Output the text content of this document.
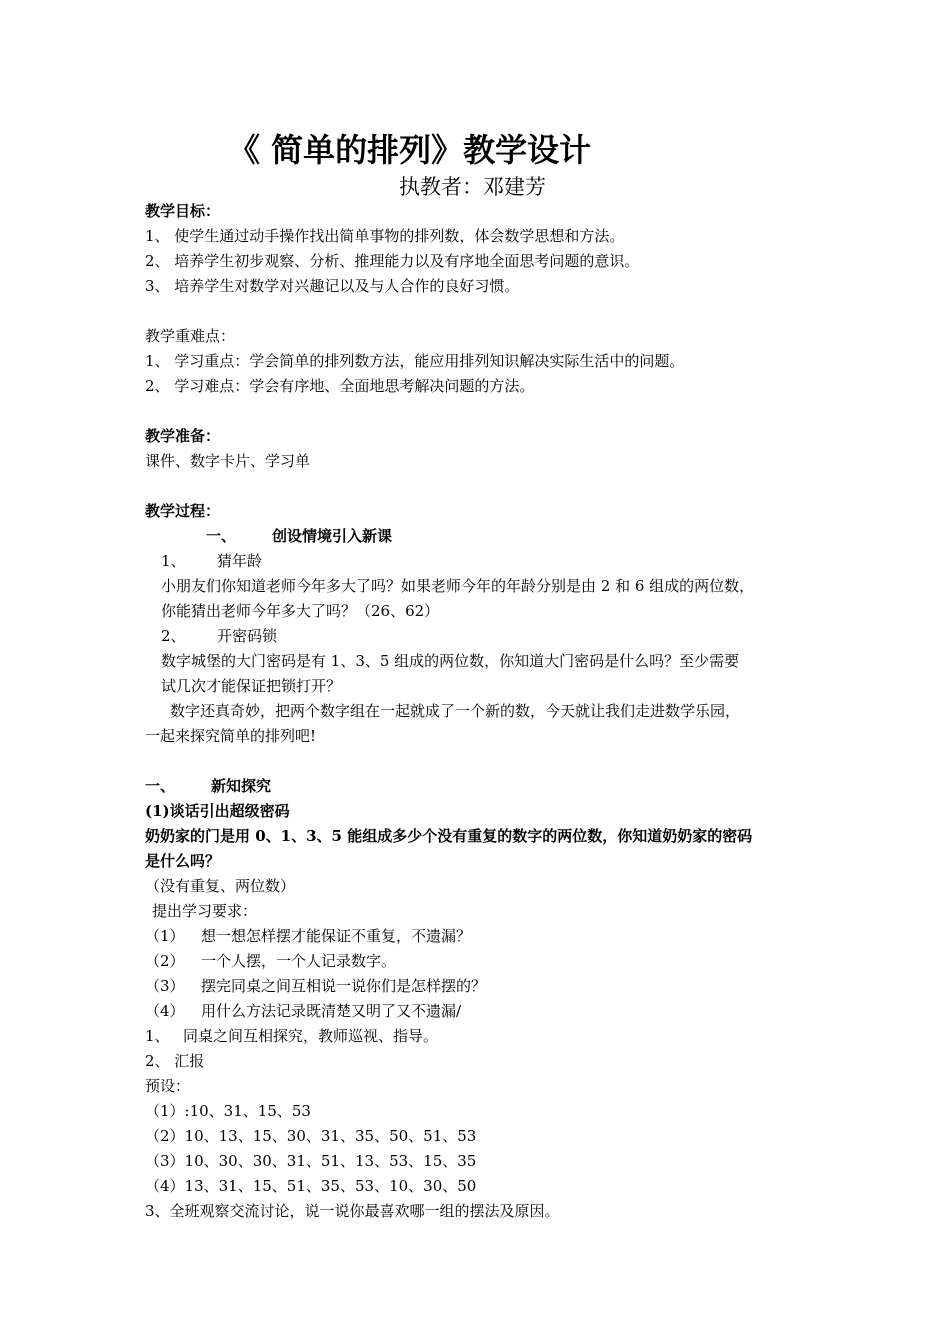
《 简单的排列》教学设计
执教者：邓建芳
教学目标：
1、 使学生通过动手操作找出简单事物的排列数，体会数学思想和方法。
2、 培养学生初步观察、分析、推理能力以及有序地全面思考问题的意识。
3、 培养学生对数学对兴趣记以及与人合作的良好习惯。
教学重难点：
1、 学习重点：学会简单的排列数方法，能应用排列知识解决实际生活中的问题。
2、 学习难点：学会有序地、全面地思考解决问题的方法。
教学准备：
课件、数字卡片、学习单
教学过程：
一、 创设情境引入新课
1、 猜年龄
小朋友们你知道老师今年多大了吗？如果老师今年的年龄分别是由 2 和 6 组成的两位数，
你能猜出老师今年多大了吗？（26、62）
2、 开密码锁
数字城堡的大门密码是有 1、3、5 组成的两位数，你知道大门密码是什么吗？至少需要
试几次才能保证把锁打开？
数字还真奇妙，把两个数字组在一起就成了一个新的数，今天就让我们走进数学乐园，
一起来探究简单的排列吧!
一、 新知探究
(1)谈话引出超级密码
奶奶家的门是用 0、1、3、5 能组成多少个没有重复的数字的两位数，你知道奶奶家的密码
是什么吗？
（没有重复、两位数）
提出学习要求：
（1） 想一想怎样摆才能保证不重复，不遗漏？
（2） 一个人摆，一个人记录数字。
（3） 摆完同桌之间互相说一说你们是怎样摆的？
（4） 用什么方法记录既清楚又明了又不遗漏/
1、 同桌之间互相探究，教师巡视、指导。
2、 汇报
预设：
（1）:10、31、15、53
（2）10、13、15、30、31、35、50、51、53
（3）10、30、30、31、51、13、53、15、35
（4）13、31、15、51、35、53、10、30、50
3、全班观察交流讨论，说一说你最喜欢哪一组的摆法及原因。
